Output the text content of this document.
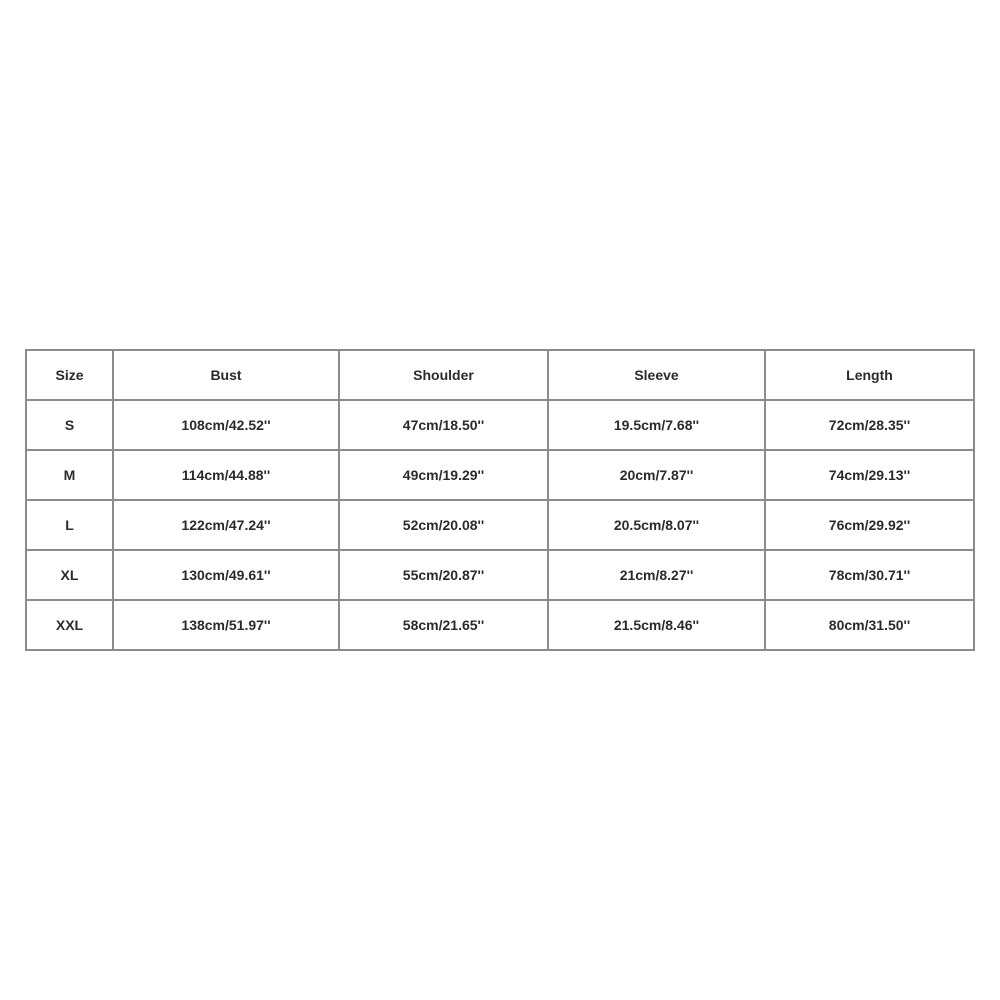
Size	Bust	Shoulder	Sleeve	Length
S	108cm/42.52''	47cm/18.50''	19.5cm/7.68''	72cm/28.35''
M	114cm/44.88''	49cm/19.29''	20cm/7.87''	74cm/29.13''
L	122cm/47.24''	52cm/20.08''	20.5cm/8.07''	76cm/29.92''
XL	130cm/49.61''	55cm/20.87''	21cm/8.27''	78cm/30.71''
XXL	138cm/51.97''	58cm/21.65''	21.5cm/8.46''	80cm/31.50''
